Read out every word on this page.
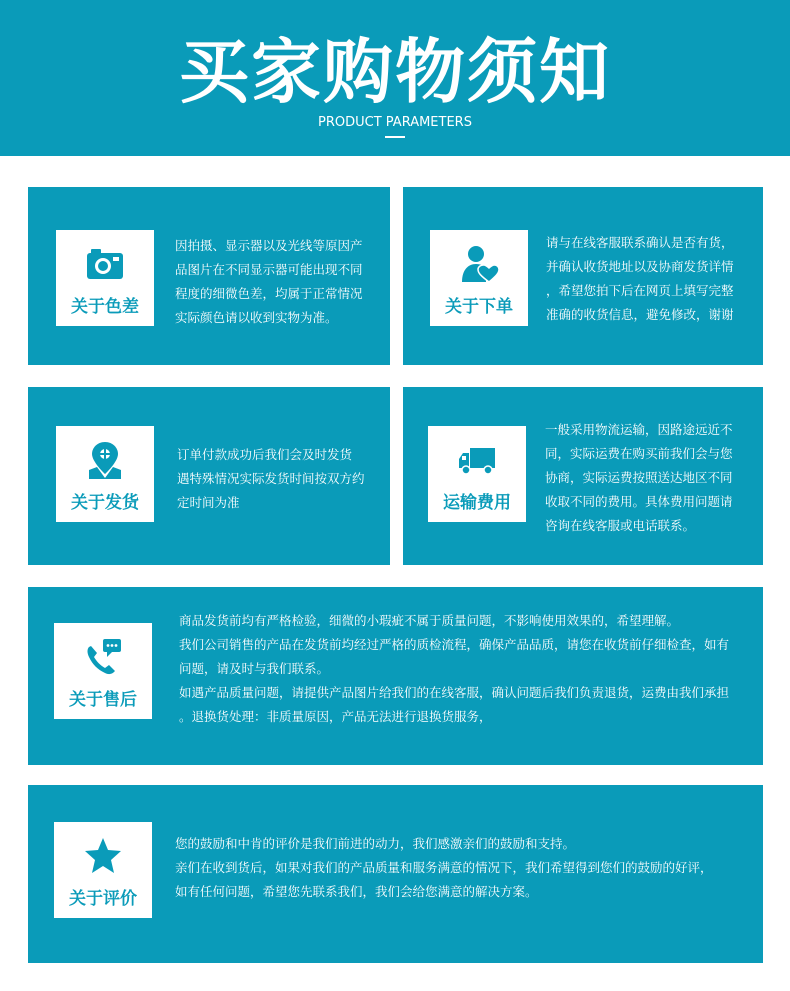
买家购物须知
PRODUCT PARAMETERS
关于色差

因拍摄、显示器以及光线等原因产

品图片在不同显示器可能出现不同

程度的细微色差，均属于正常情况

实际颜色请以收到实物为准。

关于下单

请与在线客服联系确认是否有货，

并确认收货地址以及协商发货详情

，希望您拍下后在网页上填写完整

准确的收货信息，避免修改，谢谢

关于发货

订单付款成功后我们会及时发货

遇特殊情况实际发货时间按双方约

定时间为准	运输费用

一般采用物流运输，因路途远近不

同，实际运费在购买前我们会与您

协商，实际运费按照送达地区不同

收取不同的费用。具体费用问题请

咨询在线客服或电话联系。

关于售后

商品发货前均有严格检验，细微的小瑕疵不属于质量问题，不影响使用效果的，希望理解。

我们公司销售的产品在发货前均经过严格的质检流程，确保产品品质，请您在收货前仔细检查，如有

问题，请及时与我们联系。

如遇产品质量问题，请提供产品图片给我们的在线客服，确认问题后我们负责退货，运费由我们承担

。退换货处理：非质量原因，产品无法进行退换货服务，

关于评价

您的鼓励和中肯的评价是我们前进的动力，我们感激亲们的鼓励和支持。

亲们在收到货后，如果对我们的产品质量和服务满意的情况下，我们希望得到您们的鼓励的好评，

如有任何问题，希望您先联系我们，我们会给您满意的解决方案。
